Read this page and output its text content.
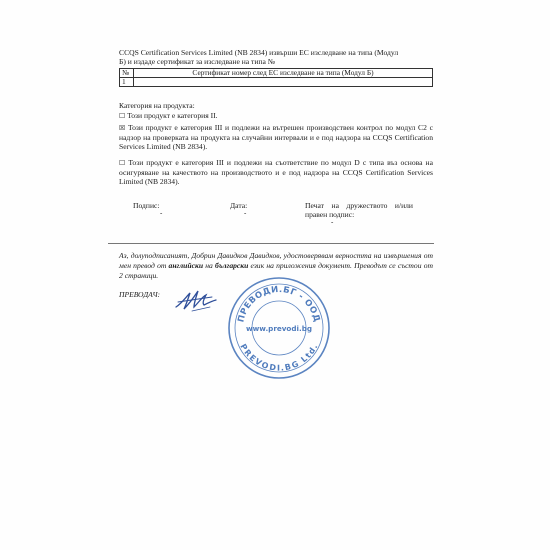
CCQS Certification Services Limited (NB 2834) извърши ЕС изследване на типа (Модул
Б) и издаде сертификат за изследване на типа №
№	Сертификат номер след ЕС изследване на типа (Модул Б)
1	
Категория на продукта:
☐ Този продукт е категория II.
☒ Този продукт е категория III и подлежи на вътрешен производствен контрол по модул C2 с надзор на проверката на продукта на случайни интервали и е под надзора на CCQS Certification Services Limited (NB 2834).
☐ Този продукт е категория III и подлежи на съответствие по модул D с типа въз основа на осигуряване на качеството на производството и е под надзора на CCQS Certification Services Limited (NB 2834).
Подпис:
-
Дата:
-
Печат на дружеството и/или правен подпис:
-
Аз, долуподписаният, Добрин Давидков Давидков, удостоверявам верността на извършения от мен превод от английски на български език на приложения документ. Преводът се състои от 2 страници.
ПРЕВОДАЧ:
ПРЕВОДИ.БГ - ООД
PREVODI.BG Ltd.
www.prevodi.bg
